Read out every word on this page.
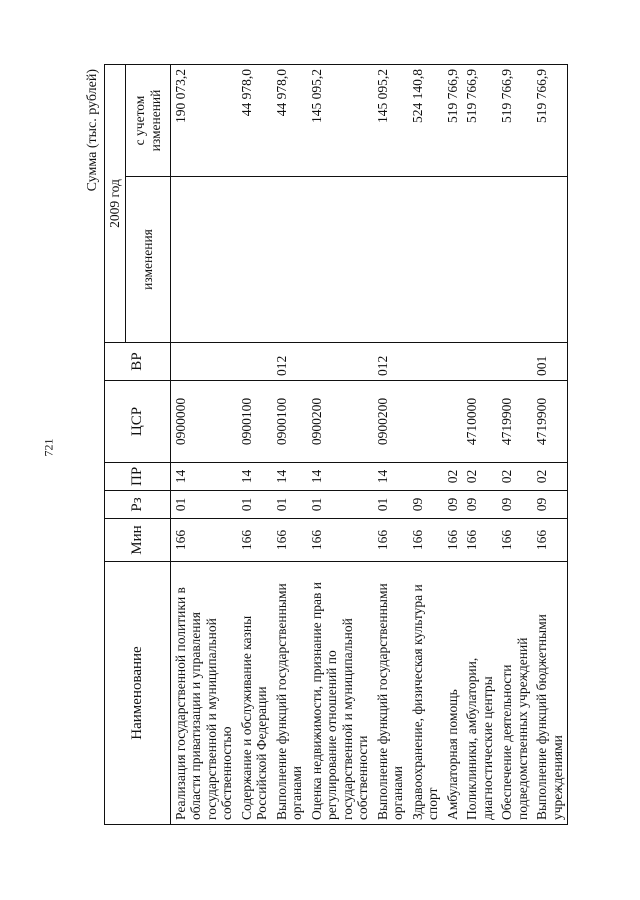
721
Сумма (тыс. рублей)
Наименование	Мин	Рз	ПР	ЦСР	ВР	2009 год	
						изменения	с учетом изменений
Реализация государственной политики в области приватизации и управления государственной и муниципальной собственностью	166	01	14	0900000			190 073,2
Содержание и обслуживание казны Российской Федерации	166	01	14	0900100			44 978,0
Выполнение функций государственными органами	166	01	14	0900100	012		44 978,0
Оценка недвижимости, признание прав и регулирование отношений по государственной и муниципальной собственности	166	01	14	0900200			145 095,2
Выполнение функций государственными органами	166	01	14	0900200	012		145 095,2
Здравоохранение, физическая культура и спорт	166	09					524 140,8
Амбулаторная помощь	166	09	02				519 766,9
Поликлиники, амбулатории, диагностические центры	166	09	02	4710000			519 766,9
Обеспечение деятельности подведомственных учреждений	166	09	02	4719900			519 766,9
Выполнение функций бюджетными учреждениями	166	09	02	4719900	001		519 766,9
